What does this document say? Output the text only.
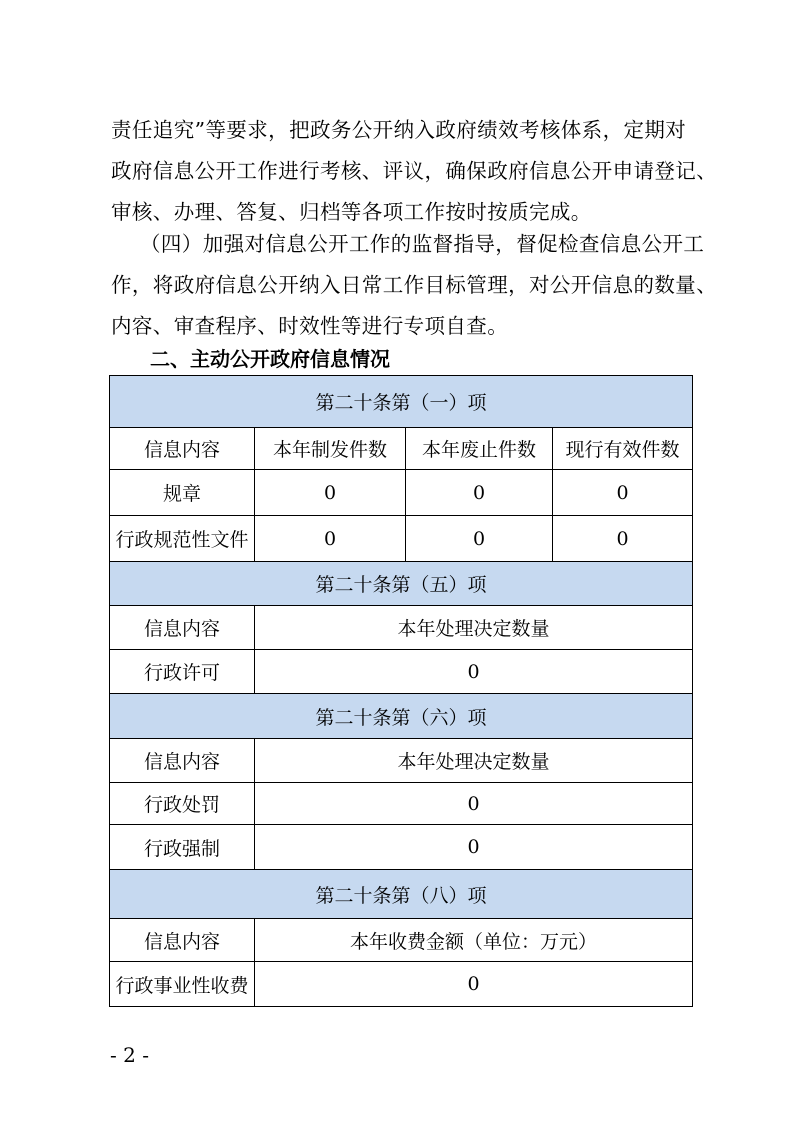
责任追究”等要求，把政务公开纳入政府绩效考核体系，定期对
政府信息公开工作进行考核、评议，确保政府信息公开申请登记、
审核、办理、答复、归档等各项工作按时按质完成。
（四）加强对信息公开工作的监督指导，督促检查信息公开工
作，将政府信息公开纳入日常工作目标管理，对公开信息的数量、
内容、审查程序、时效性等进行专项自查。
二、主动公开政府信息情况
第二十条第（一）项			
信息内容	本年制发件数	本年废止件数	现行有效件数
规章	0	0	0
行政规范性文件	0	0	0
第二十条第（五）项			
信息内容	本年处理决定数量		
行政许可	0		
第二十条第（六）项			
信息内容	本年处理决定数量		
行政处罚	0		
行政强制	0		
第二十条第（八）项			
信息内容	本年收费金额（单位：万元）		
行政事业性收费	0		
- 2 -
